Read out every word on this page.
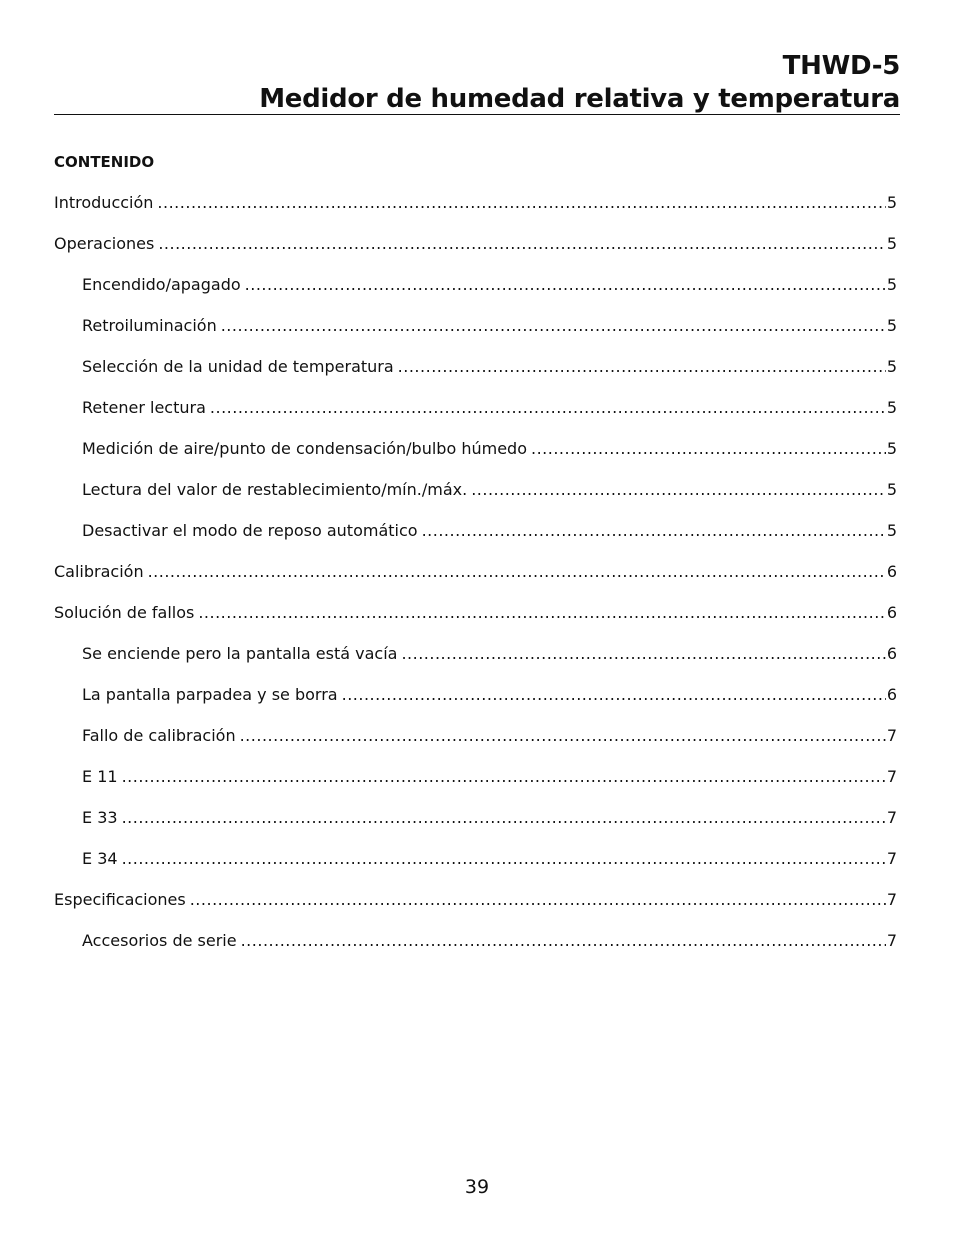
THWD-5
Medidor de humedad relativa y temperatura
CONTENIDO
Introducción .....	5
Operaciones .....	5
Encendido/apagado .....	5
Retroiluminación .....	5
Selección de la unidad de temperatura .....	5
Retener lectura .....	5
Medición de aire/punto de condensación/bulbo húmedo .....	5
Lectura del valor de restablecimiento/mín./máx. .....	5
Desactivar el modo de reposo automático .....	5
Calibración .....	6
Solución de fallos .....	6
Se enciende pero la pantalla está vacía .....	6
La pantalla parpadea y se borra .....	6
Fallo de calibración .....	7
E 11 .....	7
E 33 .....	7
E 34 .....	7
Especificaciones .....	7
Accesorios de serie .....	7
39
